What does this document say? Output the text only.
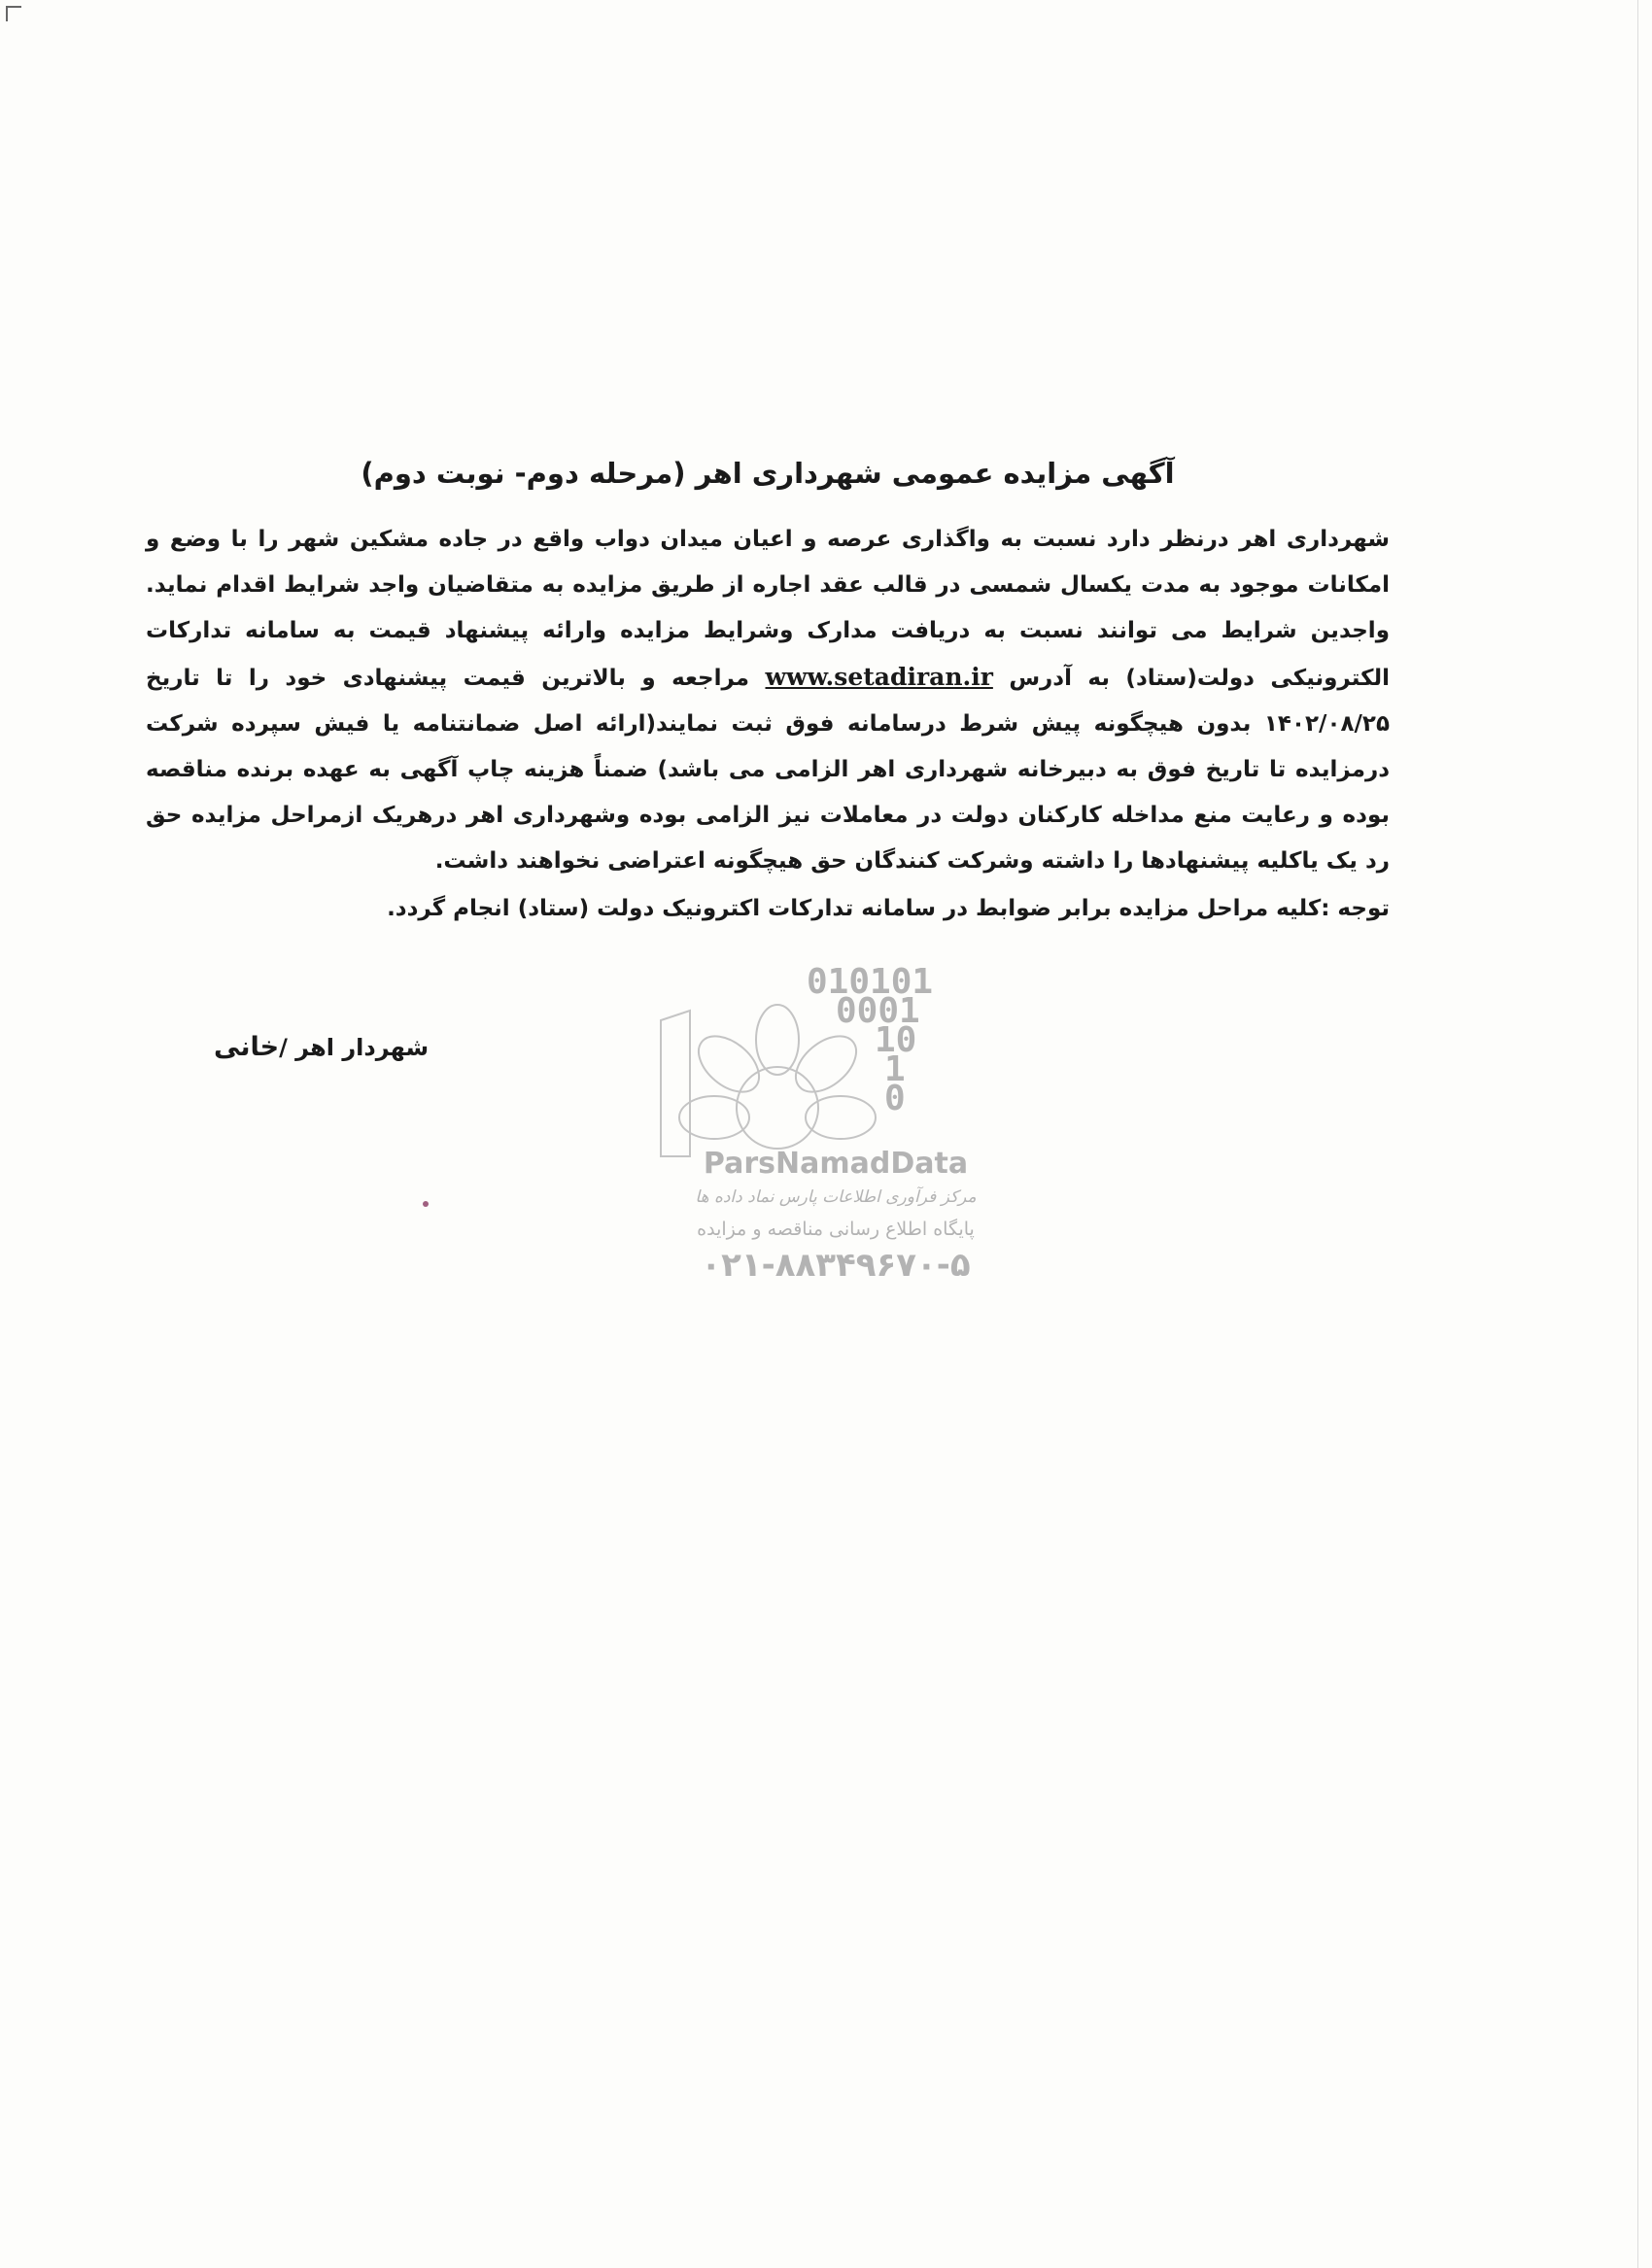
آگهی مزایده عمومی شهرداری اهر (مرحله دوم- نوبت دوم)

شهرداری اهر درنظر دارد نسبت به واگذاری عرصه و اعیان میدان دواب واقع در جاده مشکین شهر را با وضع و امکانات موجود به مدت یکسال شمسی در قالب عقد اجاره از طریق مزایده به متقاضیان واجد شرایط اقدام نماید. واجدین شرایط می توانند نسبت به دریافت مدارک وشرایط مزایده وارائه پیشنهاد قیمت به سامانه تدارکات الکترونیکی دولت(ستاد) به آدرس www.setadiran.ir مراجعه و بالاترین قیمت پیشنهادی خود را تا تاریخ ۱۴۰۲/۰۸/۲۵ بدون هیچگونه پیش شرط درسامانه فوق ثبت نمایند(ارائه اصل ضمانتنامه یا فیش سپرده شرکت درمزایده تا تاریخ فوق به دبیرخانه شهرداری اهر الزامی می باشد) ضمناً هزینه چاپ آگهی به عهده برنده مناقصه بوده و رعایت منع مداخله کارکنان دولت در معاملات نیز الزامی بوده وشهرداری اهر درهریک ازمراحل مزایده حق رد یک یاکلیه پیشنهادها را داشته وشرکت کنندگان حق هیچگونه اعتراضی نخواهند داشت.

توجه :کلیه مراحل مزایده برابر ضوابط در سامانه تدارکات اکترونیک دولت (ستاد) انجام گردد.

شهردار اهر /خانی
010101
0001
10
1
0
ParsNamadData
مرکز فرآوری اطلاعات پارس نماد داده ها
پایگاه اطلاع رسانی مناقصه و مزایده
۰۲۱-۸۸۳۴۹۶۷۰-۵
